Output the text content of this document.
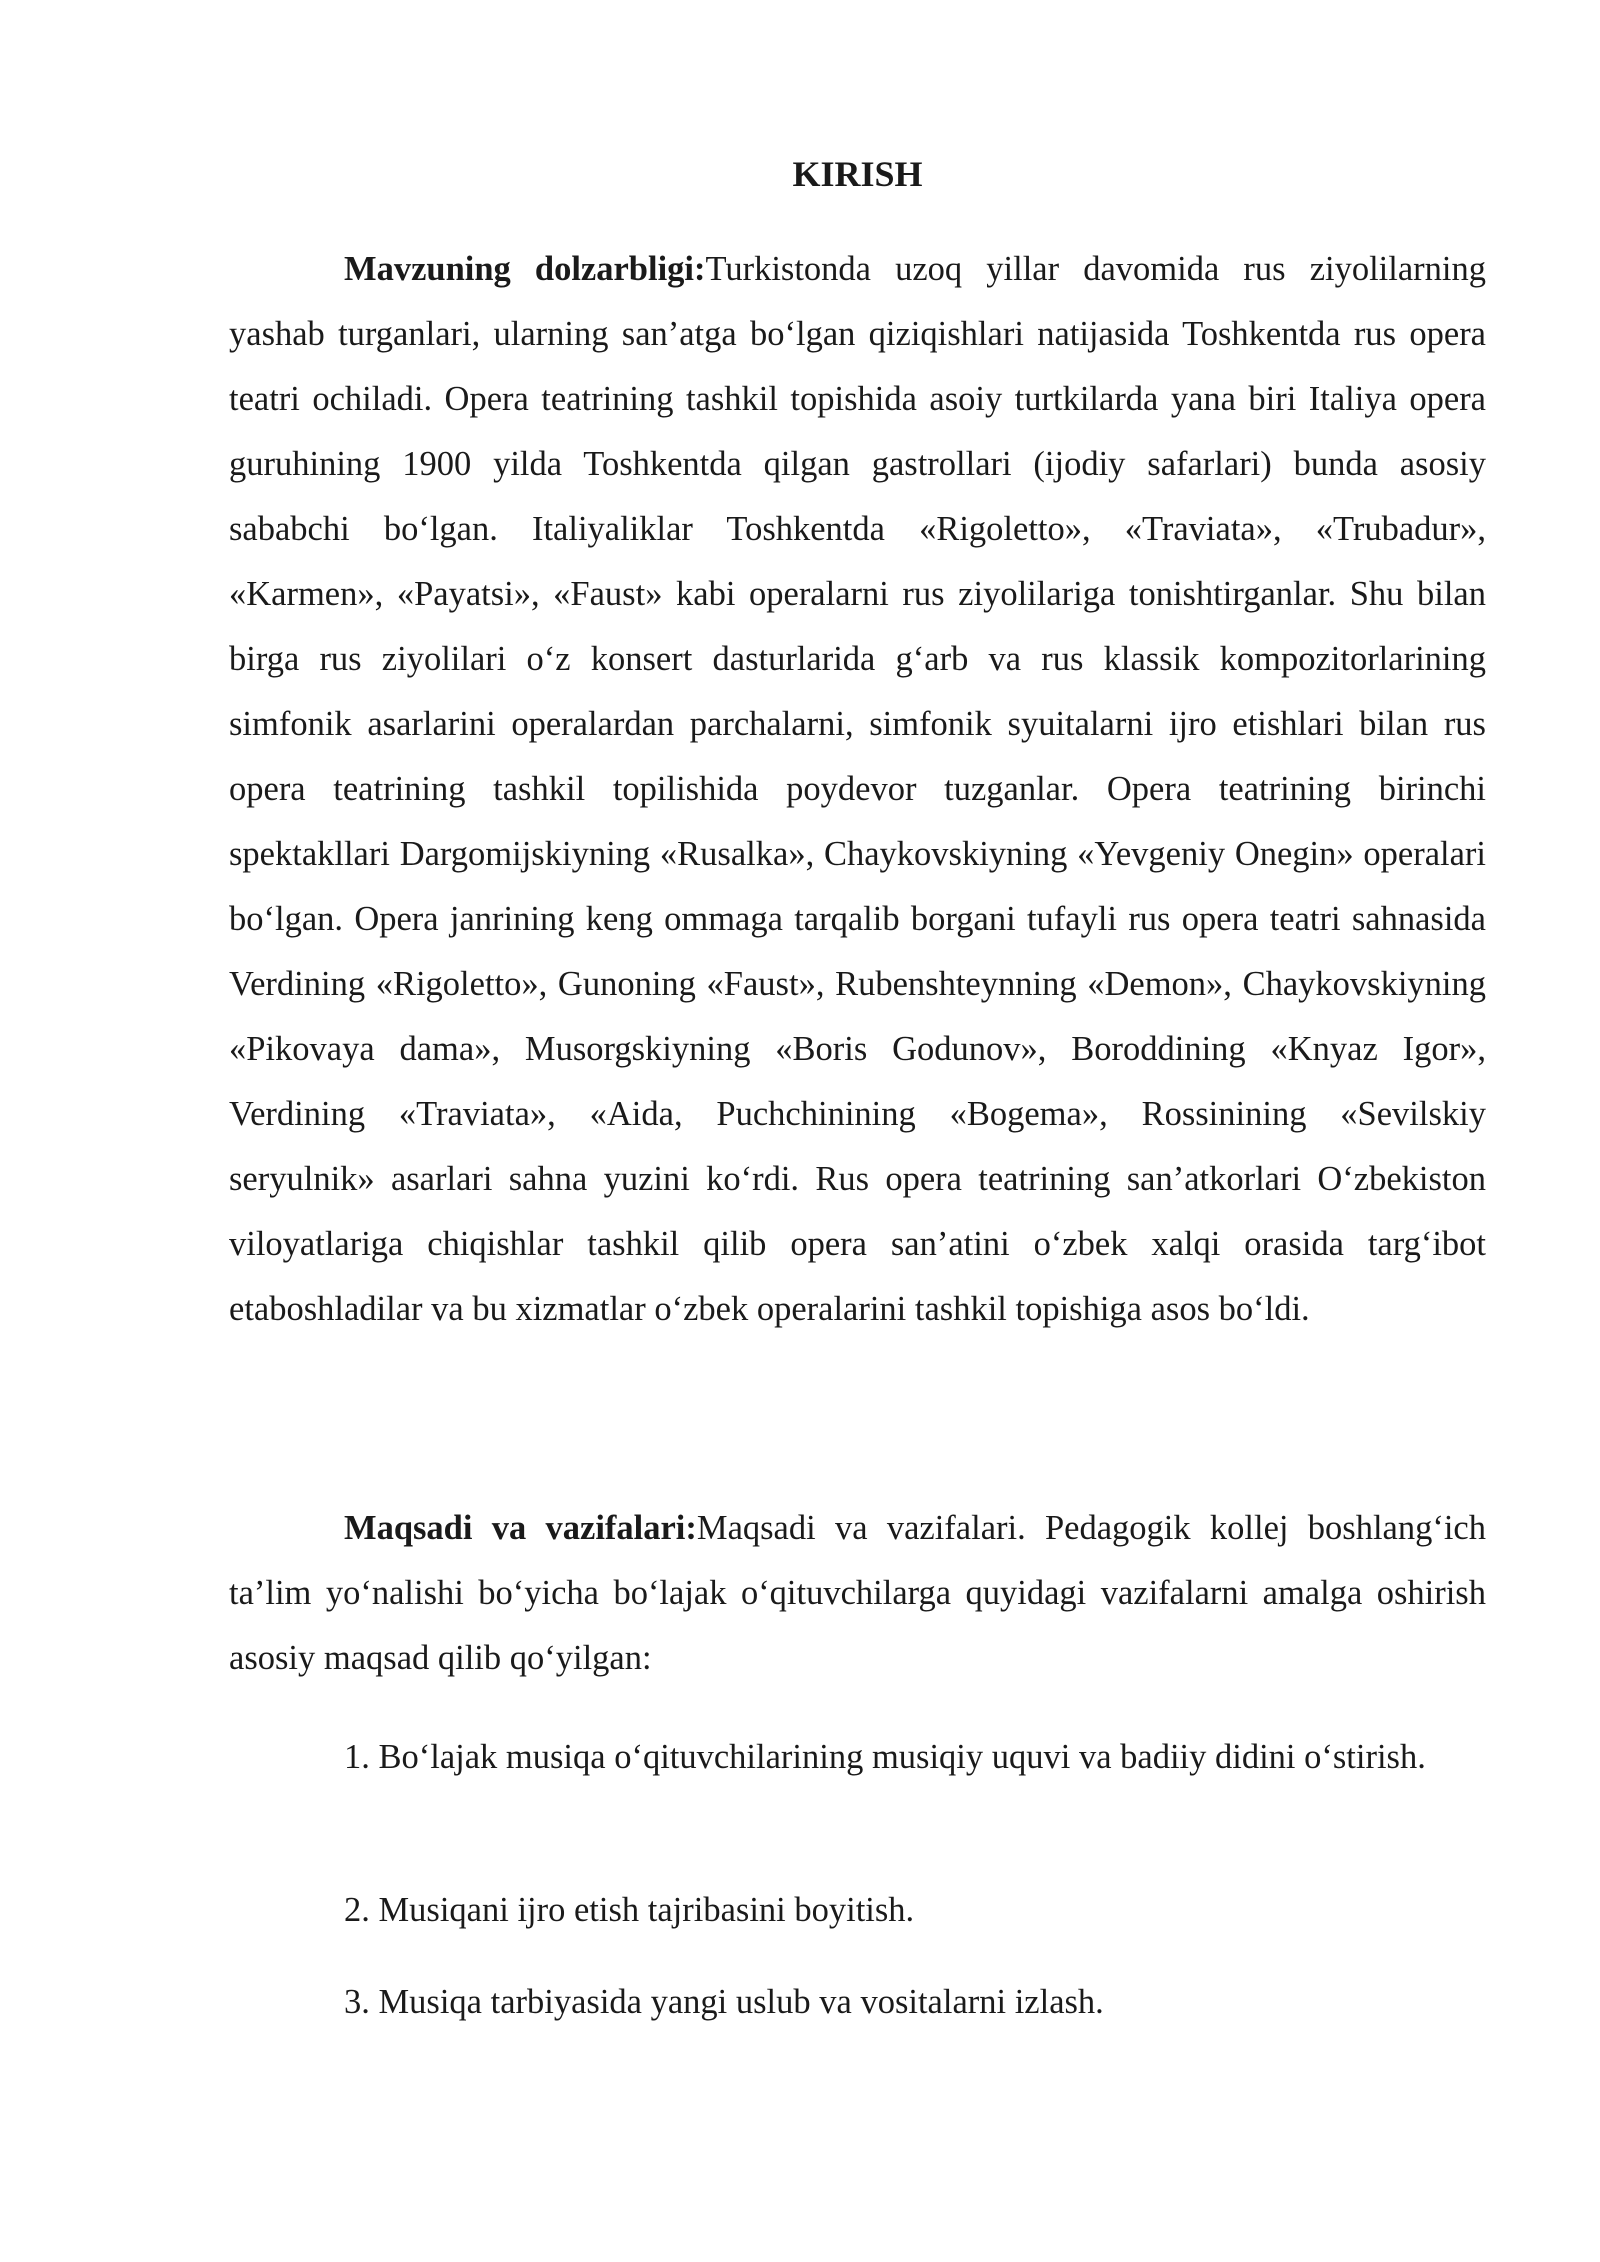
KIRISH

Mavzuning dolzarbligi:Turkistonda uzoq yillar davomida rus ziyolilarning yashab turganlari, ularning san’atga bo‘lgan qiziqishlari natijasida Toshkentda rus opera teatri ochiladi. Opera teatrining tashkil topishida asoiy turtkilarda yana biri Italiya opera guruhining 1900 yilda Toshkentda qilgan gastrollari (ijodiy safarlari) bunda asosiy sababchi bo‘lgan. Italiyaliklar Toshkentda «Rigoletto», «Traviata», «Trubadur», «Karmen», «Payatsi», «Faust» kabi operalarni rus ziyolilariga tonishtirganlar. Shu bilan birga rus ziyolilari o‘z konsert dasturlarida g‘arb va rus klassik kompozitorlarining simfonik asarlarini operalardan parchalarni, simfonik syuitalarni ijro etishlari bilan rus opera teatrining tashkil topilishida poydevor tuzganlar. Opera teatrining birinchi spektakllari Dargomijskiyning «Rusalka», Chaykovskiyning «Yevgeniy Onegin» operalari bo‘lgan. Opera janrining keng ommaga tarqalib borgani tufayli rus opera teatri sahnasida Verdining «Rigoletto», Gunoning «Faust», Rubenshteynning «Demon», Chaykovskiyning «Pikovaya dama», Musorgskiyning «Boris Godunov», Boroddining «Knyaz Igor», Verdining «Traviata», «Aida, Puchchinining «Bogema», Rossinining «Sevilskiy seryulnik» asarlari sahna yuzini ko‘rdi. Rus opera teatrining san’atkorlari O‘zbekiston viloyatlariga chiqishlar tashkil qilib opera san’atini o‘zbek xalqi orasida targ‘ibot etaboshladilar va bu xizmatlar o‘zbek operalarini tashkil topishiga asos bo‘ldi.

Maqsadi va vazifalari:Maqsadi va vazifalari. Pedagogik kollej boshlang‘ich ta’lim yo‘nalishi bo‘yicha bo‘lajak o‘qituvchilarga quyidagi vazifalarni amalga oshirish asosiy maqsad qilib qo‘yilgan:

1. Bo‘lajak musiqa o‘qituvchilarining musiqiy uquvi va badiiy didini o‘stirish.

2. Musiqani ijro etish tajribasini boyitish.

3. Musiqa tarbiyasida yangi uslub va vositalarni izlash.
